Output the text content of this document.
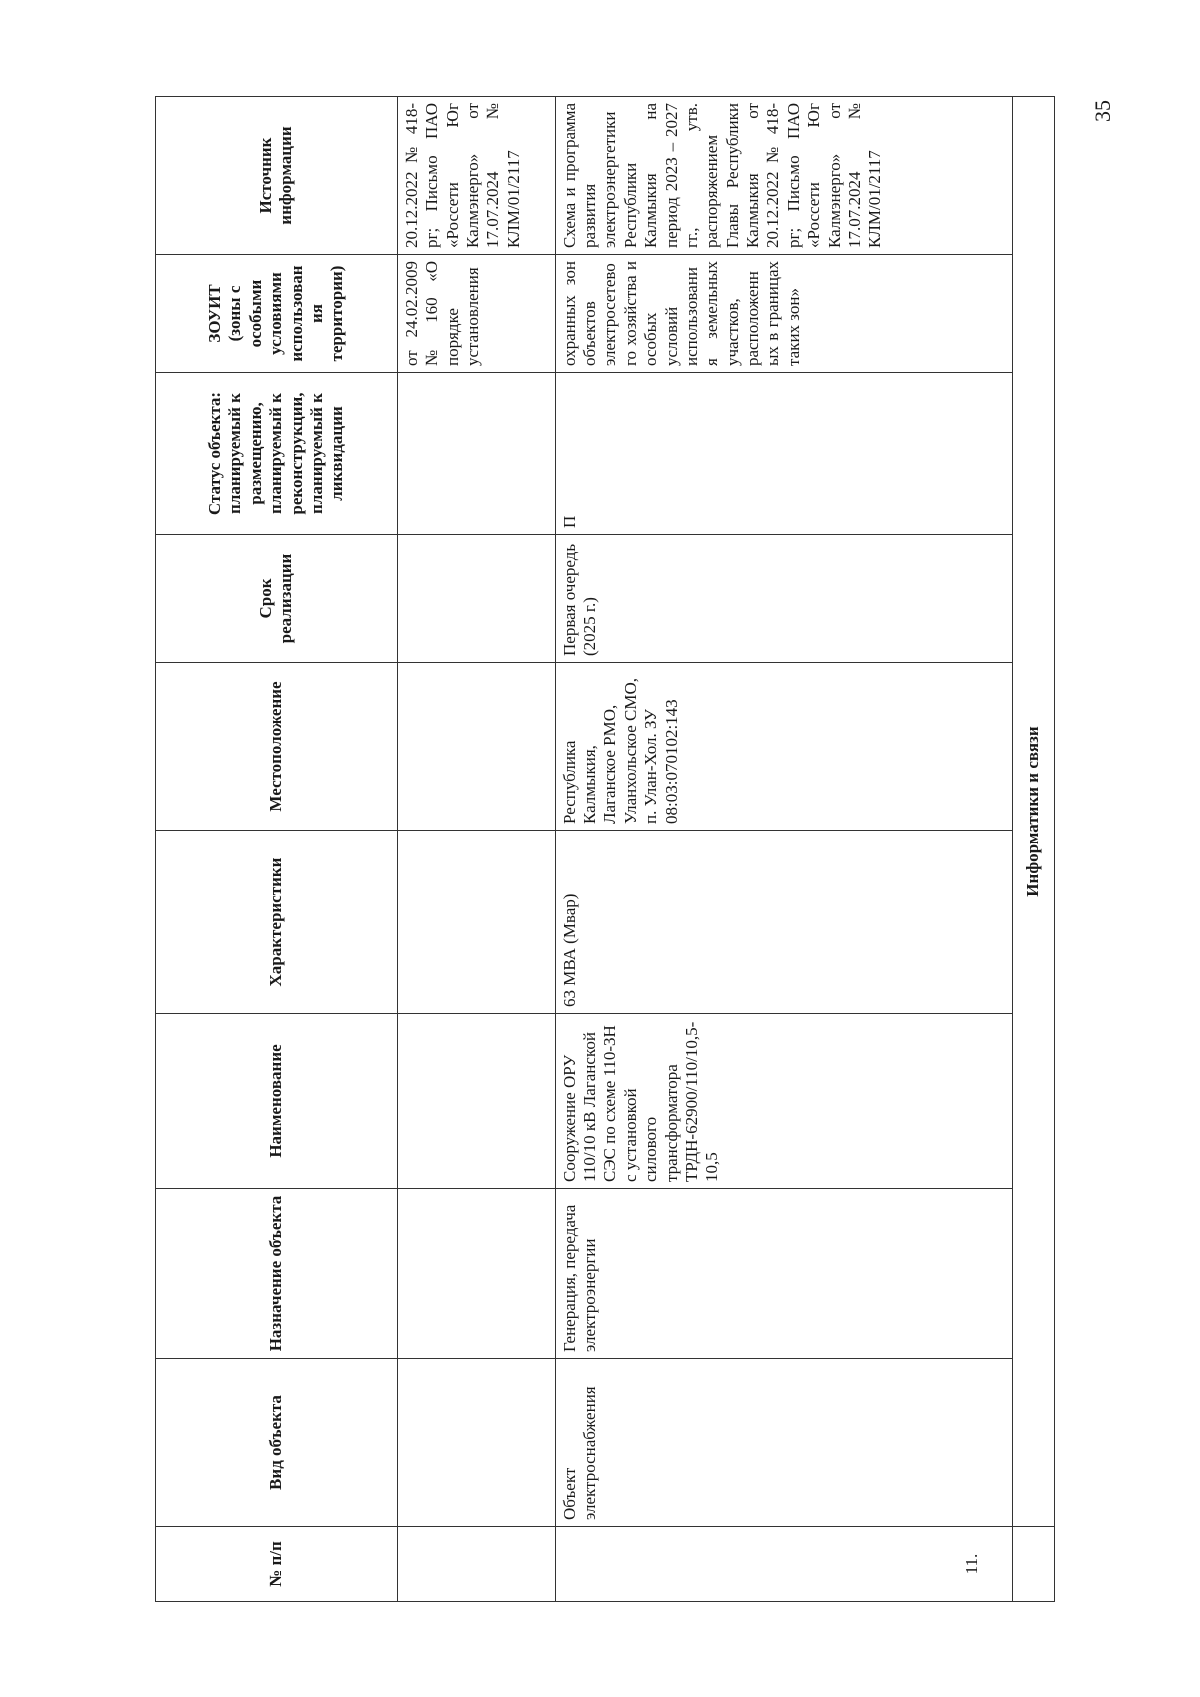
35
№ п/п	Вид объекта	Назначение объекта	Наименование	Характеристики	Местоположение	Срок реализации	Статус объекта: планируемый к размещению, планируемый к реконструкции, планируемый к ликвидации	ЗОУИТ (зоны с особыми условиями использования территории)	Источник информации
								от 24.02.2009 № 160 «О порядке установления	20.12.2022 № 418-рг; Письмо ПАО «Россети Юг Калмэнерго» от 17.07.2024 № КЛМ/01/2117
11.	Объект электроснабжения	Генерация, передача электроэнергии	Сооружение ОРУ 110/10 кВ Лаганской СЭС по схеме 110-3Н с установкой силового трансформатора ТРДН-62900/110/10,5-10,5	63 МВА (Мвар)	Республика Калмыкия, Лаганское РМО, Уланхольское СМО, п. Улан-Хол. ЗУ 08:03:070102:143	Первая очередь (2025 г.)	П	охранных зон объектов электросетевого хозяйства и особых условий использования земельных участков, расположенных в границах таких зон»	Схема и программа развития электроэнергетики Республики Калмыкия на период 2023 – 2027 гг., утв. распоряжением Главы Республики Калмыкия от 20.12.2022 № 418-рг; Письмо ПАО «Россети Юг Калмэнерго» от 17.07.2024 № КЛМ/01/2117
	Информатики и связи								
